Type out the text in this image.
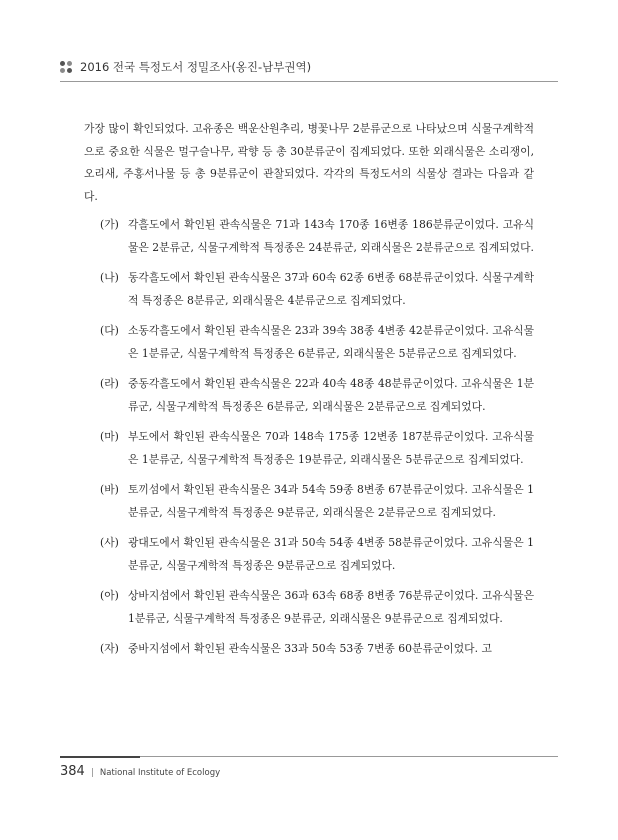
2016 전국 특정도서 정밀조사(옹진-남부권역)

가장 많이 확인되었다. 고유종은 백운산원추리, 병꽃나무 2분류군으로 나타났으며 식물구계학적으로 중요한 식물은 멀구슬나무, 곽향 등 총 30분류군이 집계되었다. 또한 외래식물은 소리쟁이, 오리새, 주홍서나물 등 총 9분류군이 관찰되었다. 각각의 특정도서의 식물상 결과는 다음과 같다.

(가) 각흘도에서 확인된 관속식물은 71과 143속 170종 16변종 186분류군이었다. 고유식물은 2분류군, 식물구계학적 특정종은 24분류군, 외래식물은 2분류군으로 집계되었다.
(나) 동각흘도에서 확인된 관속식물은 37과 60속 62종 6변종 68분류군이었다. 식물구계학적 특정종은 8분류군, 외래식물은 4분류군으로 집계되었다.
(다) 소동각흘도에서 확인된 관속식물은 23과 39속 38종 4변종 42분류군이었다. 고유식물은 1분류군, 식물구계학적 특정종은 6분류군, 외래식물은 5분류군으로 집계되었다.
(라) 중동각흘도에서 확인된 관속식물은 22과 40속 48종 48분류군이었다. 고유식물은 1분류군, 식물구계학적 특정종은 6분류군, 외래식물은 2분류군으로 집계되었다.
(마) 부도에서 확인된 관속식물은 70과 148속 175종 12변종 187분류군이었다. 고유식물은 1분류군, 식물구계학적 특정종은 19분류군, 외래식물은 5분류군으로 집계되었다.
(바) 토끼섬에서 확인된 관속식물은 34과 54속 59종 8변종 67분류군이었다. 고유식물은 1분류군, 식물구계학적 특정종은 9분류군, 외래식물은 2분류군으로 집계되었다.
(사) 광대도에서 확인된 관속식물은 31과 50속 54종 4변종 58분류군이었다. 고유식물은 1분류군, 식물구계학적 특정종은 9분류군으로 집계되었다.
(아) 상바지섬에서 확인된 관속식물은 36과 63속 68종 8변종 76분류군이었다. 고유식물은 1분류군, 식물구계학적 특정종은 9분류군, 외래식물은 9분류군으로 집계되었다.
(자) 중바지섬에서 확인된 관속식물은 33과 50속 53종 7변종 60분류군이었다. 고
384 | National Institute of Ecology
